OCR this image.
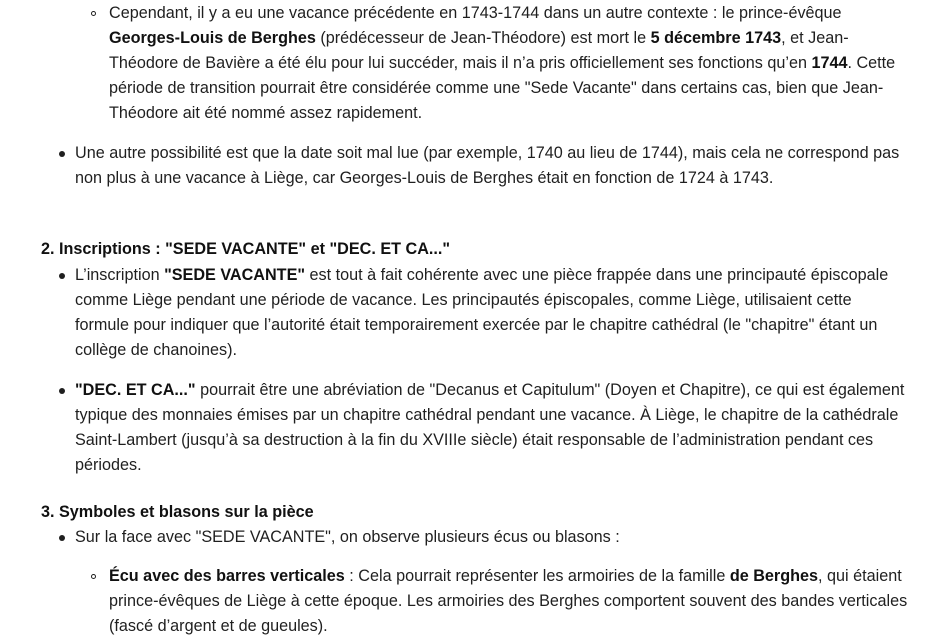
Cependant, il y a eu une vacance précédente en 1743-1744 dans un autre contexte : le prince-évêque Georges-Louis de Berghes (prédécesseur de Jean-Théodore) est mort le 5 décembre 1743, et Jean-Théodore de Bavière a été élu pour lui succéder, mais il n’a pris officiellement ses fonctions qu’en 1744. Cette période de transition pourrait être considérée comme une "Sede Vacante" dans certains cas, bien que Jean-Théodore ait été nommé assez rapidement.
Une autre possibilité est que la date soit mal lue (par exemple, 1740 au lieu de 1744), mais cela ne correspond pas non plus à une vacance à Liège, car Georges-Louis de Berghes était en fonction de 1724 à 1743.
2. Inscriptions : "SEDE VACANTE" et "DEC. ET CA..."
L’inscription "SEDE VACANTE" est tout à fait cohérente avec une pièce frappée dans une principauté épiscopale comme Liège pendant une période de vacance. Les principautés épiscopales, comme Liège, utilisaient cette formule pour indiquer que l’autorité était temporairement exercée par le chapitre cathédral (le "chapitre" étant un collège de chanoines).
"DEC. ET CA..." pourrait être une abréviation de "Decanus et Capitulum" (Doyen et Chapitre), ce qui est également typique des monnaies émises par un chapitre cathédral pendant une vacance. À Liège, le chapitre de la cathédrale Saint-Lambert (jusqu’à sa destruction à la fin du XVIIIe siècle) était responsable de l’administration pendant ces périodes.
3. Symboles et blasons sur la pièce
Sur la face avec "SEDE VACANTE", on observe plusieurs écus ou blasons :
Écu avec des barres verticales : Cela pourrait représenter les armoiries de la famille de Berghes, qui étaient prince-évêques de Liège à cette époque. Les armoiries des Berghes comportent souvent des bandes verticales (fascé d’argent et de gueules).
